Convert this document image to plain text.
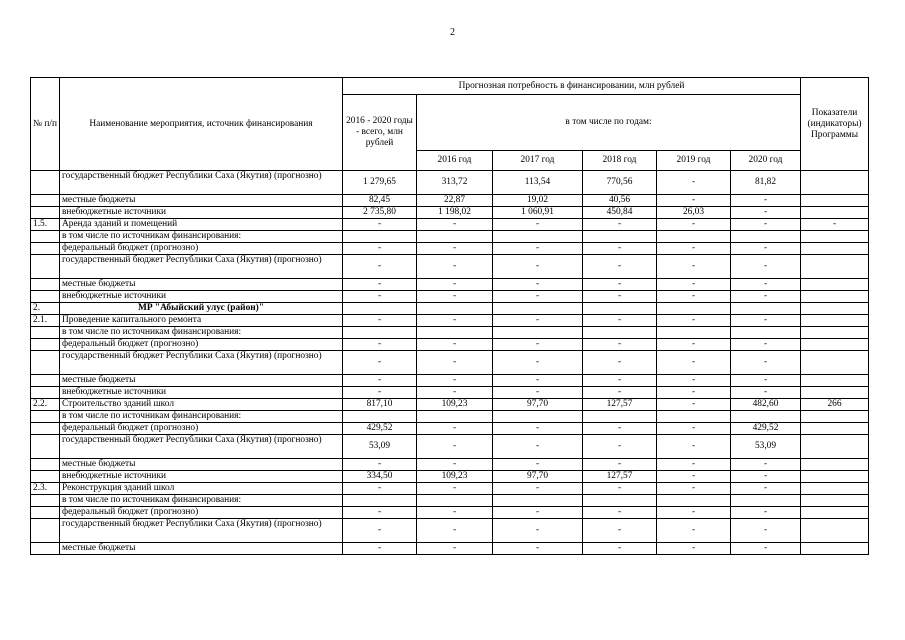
2
№ п/п	Наименование мероприятия, источник финансирования	Прогнозная потребность в финансировании, млн рублей						Показатели (индикаторы) Программы
		2016 - 2020 годы - всего, млн рублей	в том числе по годам:					
			2016 год	2017 год	2018 год	2019 год	2020 год	
	государственный бюджет Республики Саха (Якутия) (прогнозно)	1 279,65	313,72	113,54	770,56	-	81,82	
	местные бюджеты	82,45	22,87	19,02	40,56	-	-	
	внебюджетные источники	2 735,80	1 198,02	1 060,91	450,84	26,03	-	
1.5.	Аренда зданий и помещений	-	-	-	-	-	-	-
	в том числе по источникам финансирования:							
	федеральный бюджет (прогнозно)	-	-	-	-	-	-	
	государственный бюджет Республики Саха (Якутия) (прогнозно)	-	-	-	-	-	-	
	местные бюджеты	-	-	-	-	-	-	
	внебюджетные источники	-	-	-	-	-	-	
2.	МР "Абыйский улус (район)"							
2.1.	Проведение капитального ремонта	-	-	-	-	-	-	
	в том числе по источникам финансирования:							
	федеральный бюджет (прогнозно)	-	-	-	-	-	-	
	государственный бюджет Республики Саха (Якутия) (прогнозно)	-	-	-	-	-	-	
	местные бюджеты	-	-	-	-	-	-	
	внебюджетные источники	-	-	-	-	-	-	
2.2.	Строительство зданий школ	817,10	109,23	97,70	127,57	-	482,60	266
	в том числе по источникам финансирования:							
	федеральный бюджет (прогнозно)	429,52	-	-	-	-	429,52	
	государственный бюджет Республики Саха (Якутия) (прогнозно)	53,09	-	-	-	-	53,09	
	местные бюджеты	-	-	-	-	-	-	
	внебюджетные источники	334,50	109,23	97,70	127,57	-	-	
2.3.	Реконструкция зданий школ	-	-	-	-	-	-	
	в том числе по источникам финансирования:							
	федеральный бюджет (прогнозно)	-	-	-	-	-	-	
	государственный бюджет Республики Саха (Якутия) (прогнозно)	-	-	-	-	-	-	
	местные бюджеты	-	-	-	-	-	-	
